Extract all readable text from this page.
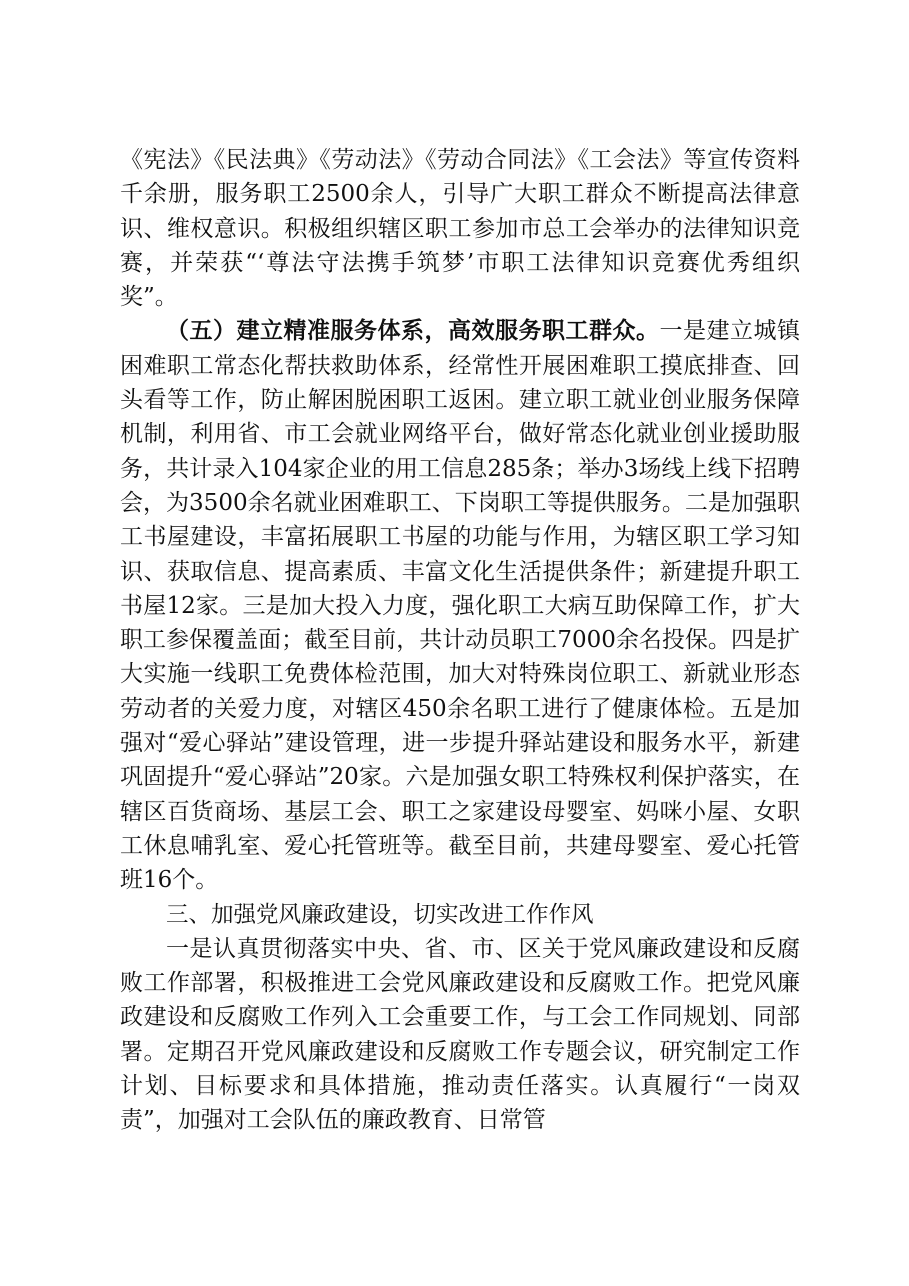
《宪法》《民法典》《劳动法》《劳动合同法》《工会法》等宣传资料千余册，服务职工2500余人，引导广大职工群众不断提高法律意识、维权意识。积极组织辖区职工参加市总工会举办的法律知识竞赛，并荣获“‘尊法守法携手筑梦’市职工法律知识竞赛优秀组织奖”。

（五）建立精准服务体系，高效服务职工群众。一是建立城镇困难职工常态化帮扶救助体系，经常性开展困难职工摸底排查、回头看等工作，防止解困脱困职工返困。建立职工就业创业服务保障机制，利用省、市工会就业网络平台，做好常态化就业创业援助服务，共计录入104家企业的用工信息285条；举办3场线上线下招聘会，为3500余名就业困难职工、下岗职工等提供服务。二是加强职工书屋建设，丰富拓展职工书屋的功能与作用，为辖区职工学习知识、获取信息、提高素质、丰富文化生活提供条件；新建提升职工书屋12家。三是加大投入力度，强化职工大病互助保障工作，扩大职工参保覆盖面；截至目前，共计动员职工7000余名投保。四是扩大实施一线职工免费体检范围，加大对特殊岗位职工、新就业形态劳动者的关爱力度，对辖区450余名职工进行了健康体检。五是加强对“爱心驿站”建设管理，进一步提升驿站建设和服务水平，新建巩固提升“爱心驿站”20家。六是加强女职工特殊权利保护落实，在辖区百货商场、基层工会、职工之家建设母婴室、妈咪小屋、女职工休息哺乳室、爱心托管班等。截至目前，共建母婴室、爱心托管班16个。

三、加强党风廉政建设，切实改进工作作风

一是认真贯彻落实中央、省、市、区关于党风廉政建设和反腐败工作部署，积极推进工会党风廉政建设和反腐败工作。把党风廉政建设和反腐败工作列入工会重要工作，与工会工作同规划、同部署。定期召开党风廉政建设和反腐败工作专题会议，研究制定工作计划、目标要求和具体措施，推动责任落实。认真履行“一岗双责”，加强对工会队伍的廉政教育、日常管
